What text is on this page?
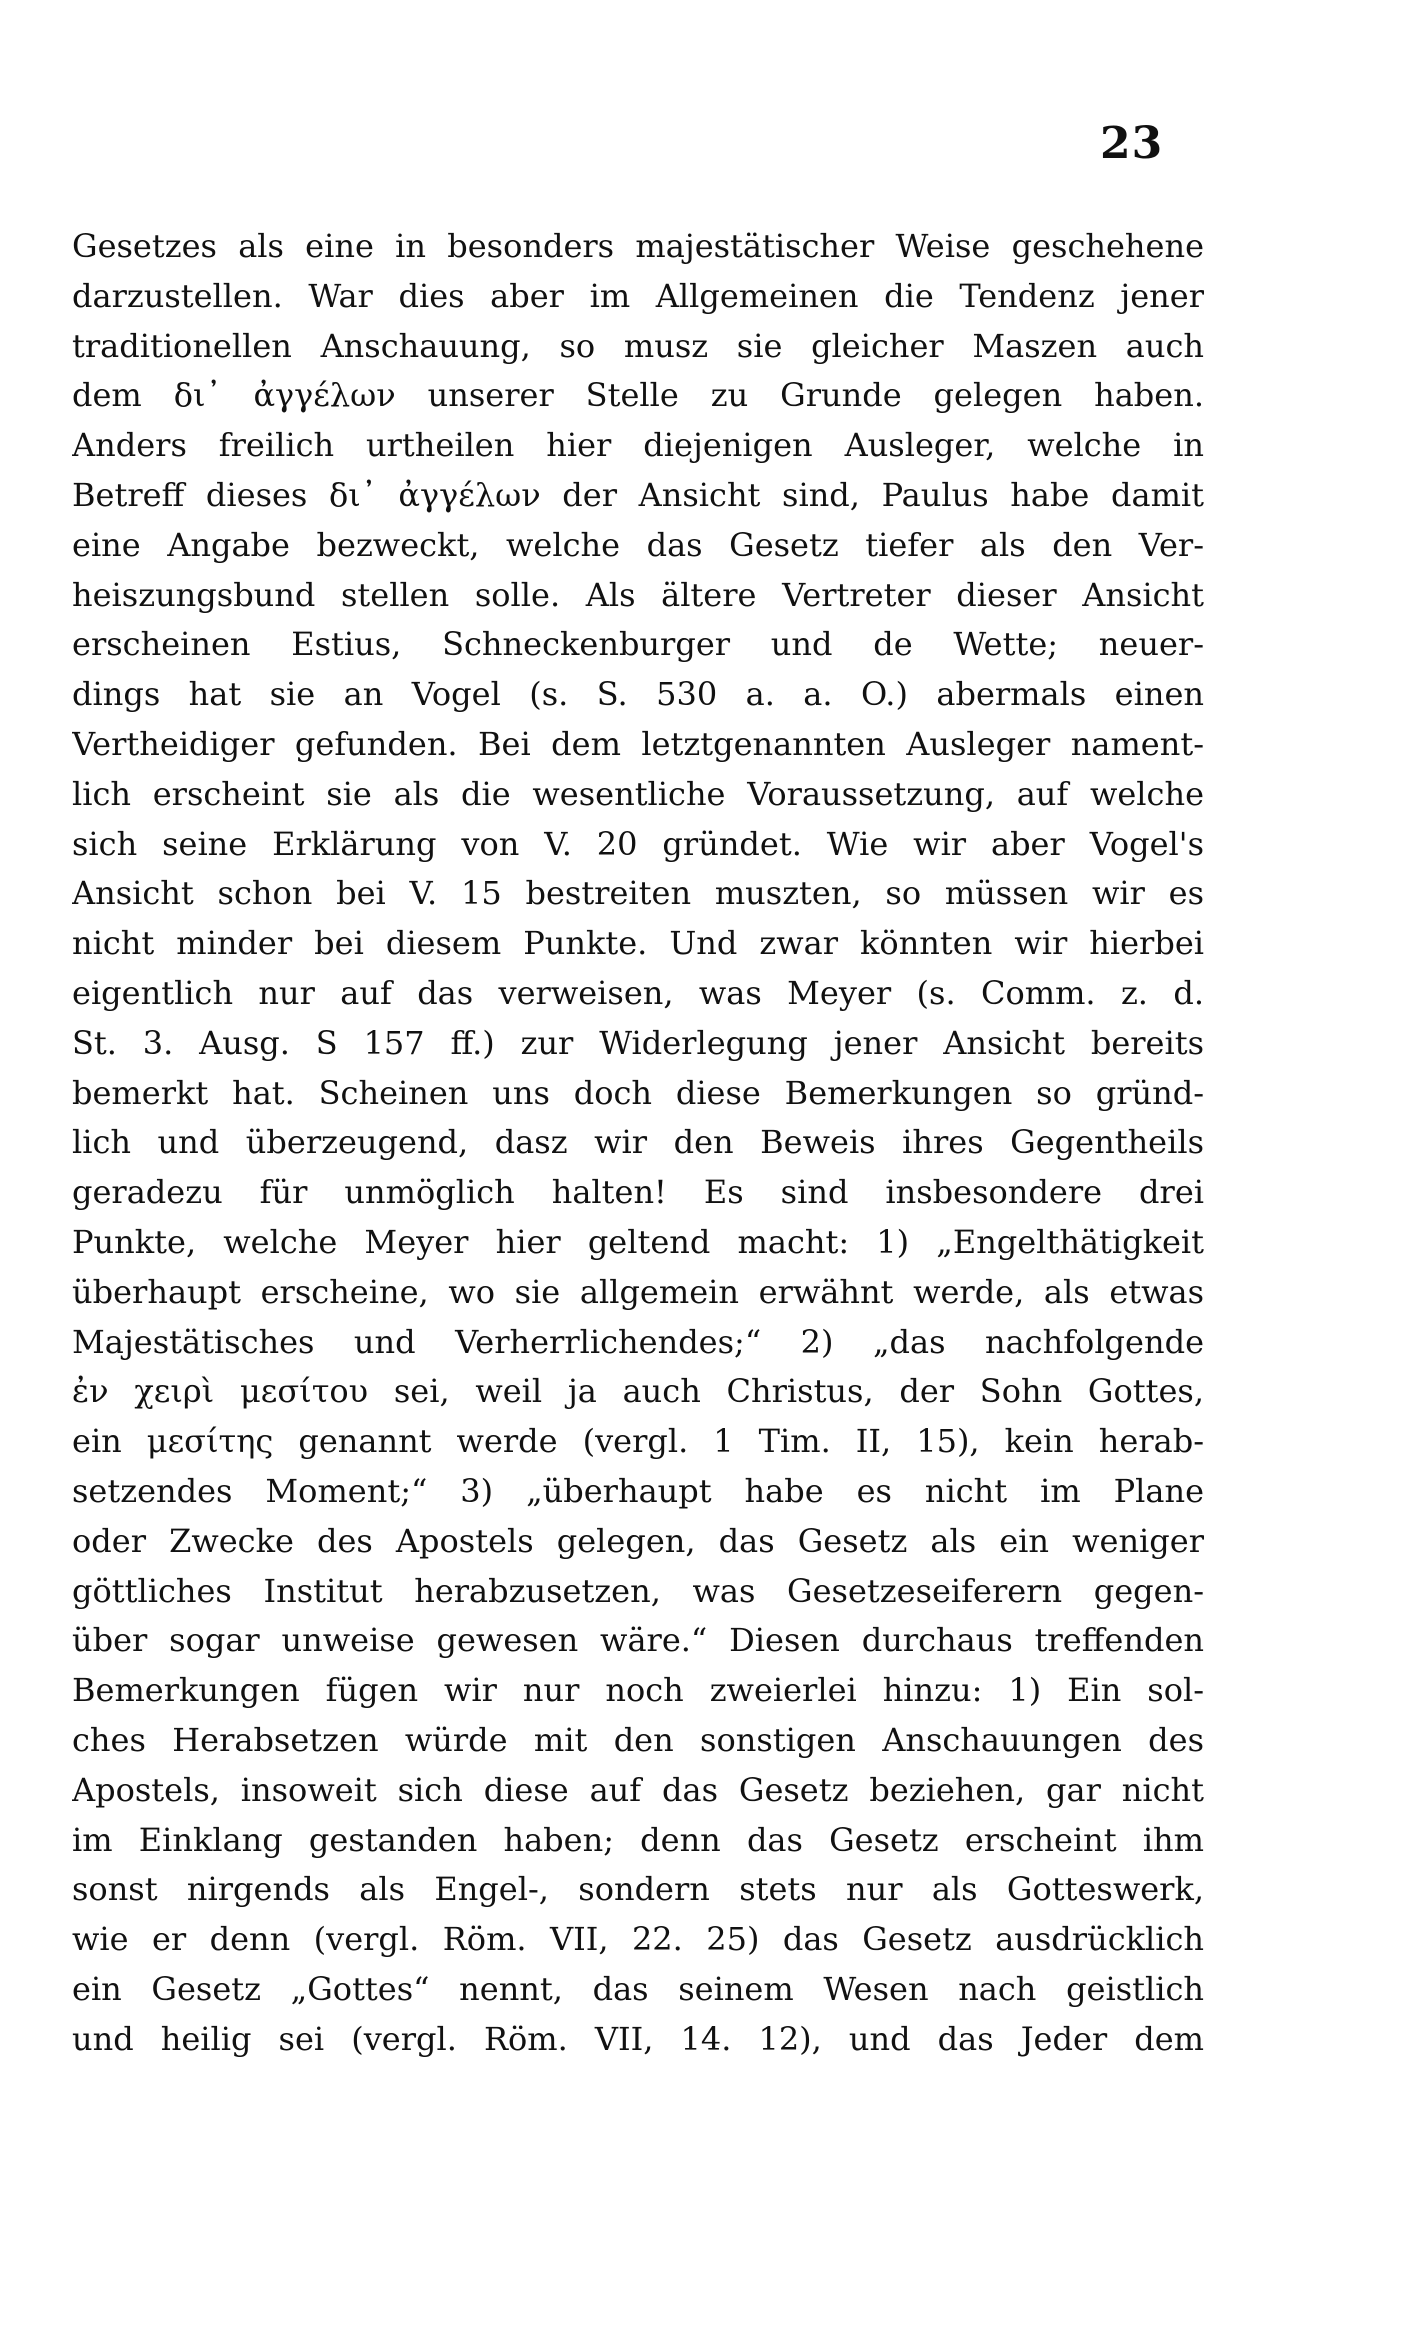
23
Gesetzes als eine in besonders majestätischer Weise geschehene
darzustellen. War dies aber im Allgemeinen die Tendenz jener
traditionellen Anschauung, so musz sie gleicher Maszen auch
dem δι᾽ ἀγγέλων unserer Stelle zu Grunde gelegen haben.
Anders freilich urtheilen hier diejenigen Ausleger, welche in
Betreff dieses δι᾽ ἀγγέλων der Ansicht sind, Paulus habe damit
eine Angabe bezweckt, welche das Gesetz tiefer als den Ver-
heiszungsbund stellen solle. Als ältere Vertreter dieser Ansicht
erscheinen Estius, Schneckenburger und de Wette; neuer-
dings hat sie an Vogel (s. S. 530 a. a. O.) abermals einen
Vertheidiger gefunden. Bei dem letztgenannten Ausleger nament-
lich erscheint sie als die wesentliche Voraussetzung, auf welche
sich seine Erklärung von V. 20 gründet. Wie wir aber Vogel's
Ansicht schon bei V. 15 bestreiten muszten, so müssen wir es
nicht minder bei diesem Punkte. Und zwar könnten wir hierbei
eigentlich nur auf das verweisen, was Meyer (s. Comm. z. d.
St. 3. Ausg. S 157 ff.) zur Widerlegung jener Ansicht bereits
bemerkt hat. Scheinen uns doch diese Bemerkungen so gründ-
lich und überzeugend, dasz wir den Beweis ihres Gegentheils
geradezu für unmöglich halten! Es sind insbesondere drei
Punkte, welche Meyer hier geltend macht: 1) „Engelthätigkeit
überhaupt erscheine, wo sie allgemein erwähnt werde, als etwas
Majestätisches und Verherrlichendes;“ 2) „das nachfolgende
ἐν χειρὶ μεσίτου sei, weil ja auch Christus, der Sohn Gottes,
ein μεσίτης genannt werde (vergl. 1 Tim. II, 15), kein herab-
setzendes Moment;“ 3) „überhaupt habe es nicht im Plane
oder Zwecke des Apostels gelegen, das Gesetz als ein weniger
göttliches Institut herabzusetzen, was Gesetzeseiferern gegen-
über sogar unweise gewesen wäre.“ Diesen durchaus treffenden
Bemerkungen fügen wir nur noch zweierlei hinzu: 1) Ein sol-
ches Herabsetzen würde mit den sonstigen Anschauungen des
Apostels, insoweit sich diese auf das Gesetz beziehen, gar nicht
im Einklang gestanden haben; denn das Gesetz erscheint ihm
sonst nirgends als Engel-, sondern stets nur als Gotteswerk,
wie er denn (vergl. Röm. VII, 22. 25) das Gesetz ausdrücklich
ein Gesetz „Gottes“ nennt, das seinem Wesen nach geistlich
und heilig sei (vergl. Röm. VII, 14. 12), und das Jeder dem
